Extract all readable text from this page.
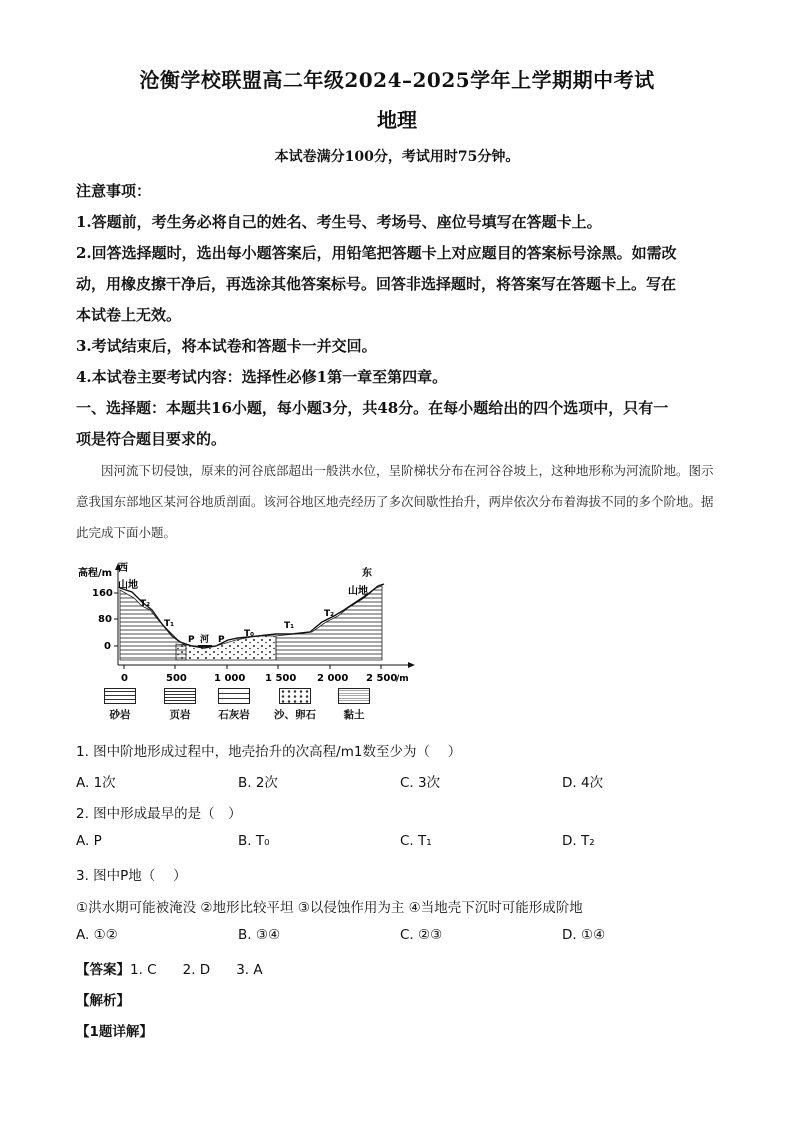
沧衡学校联盟高二年级2024–2025学年上学期期中考试
地理
本试卷满分100分，考试用时75分钟。
注意事项：
1.答题前，考生务必将自己的姓名、考生号、考场号、座位号填写在答题卡上。
2.回答选择题时，选出每小题答案后，用铅笔把答题卡上对应题目的答案标号涂黑。如需改
动，用橡皮擦干净后，再选涂其他答案标号。回答非选择题时，将答案写在答题卡上。写在
本试卷上无效。
3.考试结束后，将本试卷和答题卡一并交回。
4.本试卷主要考试内容：选择性必修1第一章至第四章。
一、选择题：本题共16小题，每小题3分，共48分。在每小题给出的四个选项中，只有一
项是符合题目要求的。
因河流下切侵蚀，原来的河谷底部超出一般洪水位，呈阶梯状分布在河谷谷坡上，这种地形称为河流阶地。图示意我国东部地区某河谷地质剖面。该河谷地区地壳经历了多次间歇性抬升，两岸依次分布着海拔不同的多个阶地。据此完成下面小题。
高程/m 西
山地
东
山地
160
80
0
0	500	1 000 1 500 2 000 2 500
/m
T₂
T₁
P 河 P
T₀
T₁
T₂
砂岩	页岩	石灰岩 沙、卵石	黏土
1. 图中阶地形成过程中，地壳抬升的次高程/m1数至少为（　 ）
A. 1次	B. 2次	C. 3次	D. 4次
2. 图中形成最早的是（　）
A. P	B. T₀	C. T₁	D. T₂
3. 图中P地（　 ）
①洪水期可能被淹没 ②地形比较平坦 ③以侵蚀作用为主 ④当地壳下沉时可能形成阶地
A. ①②	B. ③④	C. ②③	D. ①④
【答案】1. C 2. D 3. A
【解析】
【1题详解】
